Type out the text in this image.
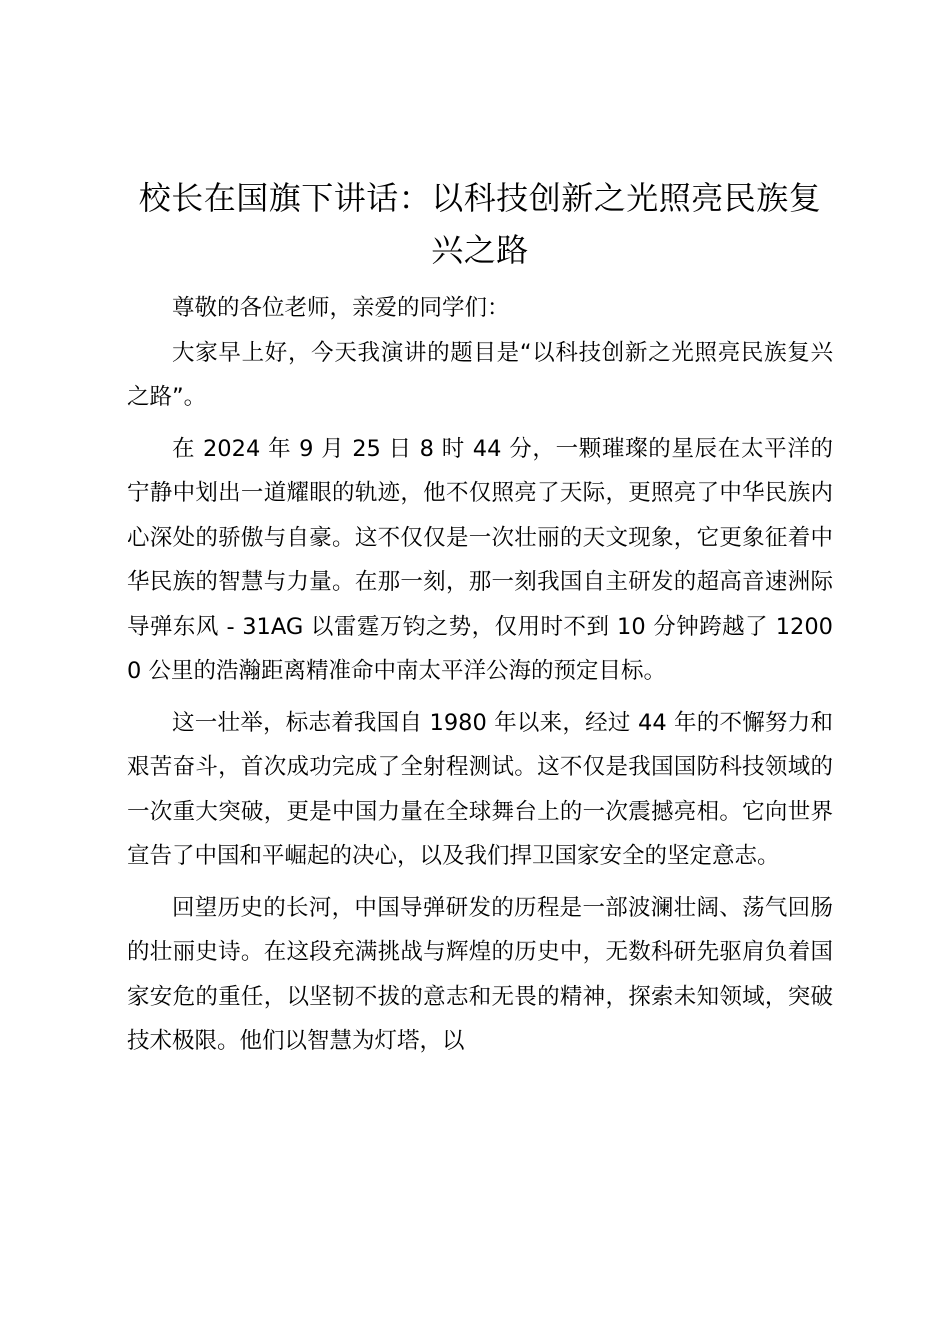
校长在国旗下讲话：以科技创新之光照亮民族复兴之路

尊敬的各位老师，亲爱的同学们：

大家早上好，今天我演讲的题目是“以科技创新之光照亮民族复兴之路”。

在 2024 年 9 月 25 日 8 时 44 分，一颗璀璨的星辰在太平洋的宁静中划出一道耀眼的轨迹，他不仅照亮了天际，更照亮了中华民族内心深处的骄傲与自豪。这不仅仅是一次壮丽的天文现象，它更象征着中华民族的智慧与力量。在那一刻，那一刻我国自主研发的超高音速洲际导弹东风 - 31AG 以雷霆万钧之势，仅用时不到 10 分钟跨越了 12000 公里的浩瀚距离精准命中南太平洋公海的预定目标。

这一壮举，标志着我国自 1980 年以来，经过 44 年的不懈努力和艰苦奋斗，首次成功完成了全射程测试。这不仅是我国国防科技领域的一次重大突破，更是中国力量在全球舞台上的一次震撼亮相。它向世界宣告了中国和平崛起的决心，以及我们捍卫国家安全的坚定意志。

回望历史的长河，中国导弹研发的历程是一部波澜壮阔、荡气回肠的壮丽史诗。在这段充满挑战与辉煌的历史中，无数科研先驱肩负着国家安危的重任，以坚韧不拔的意志和无畏的精神，探索未知领域，突破技术极限。他们以智慧为灯塔，以
